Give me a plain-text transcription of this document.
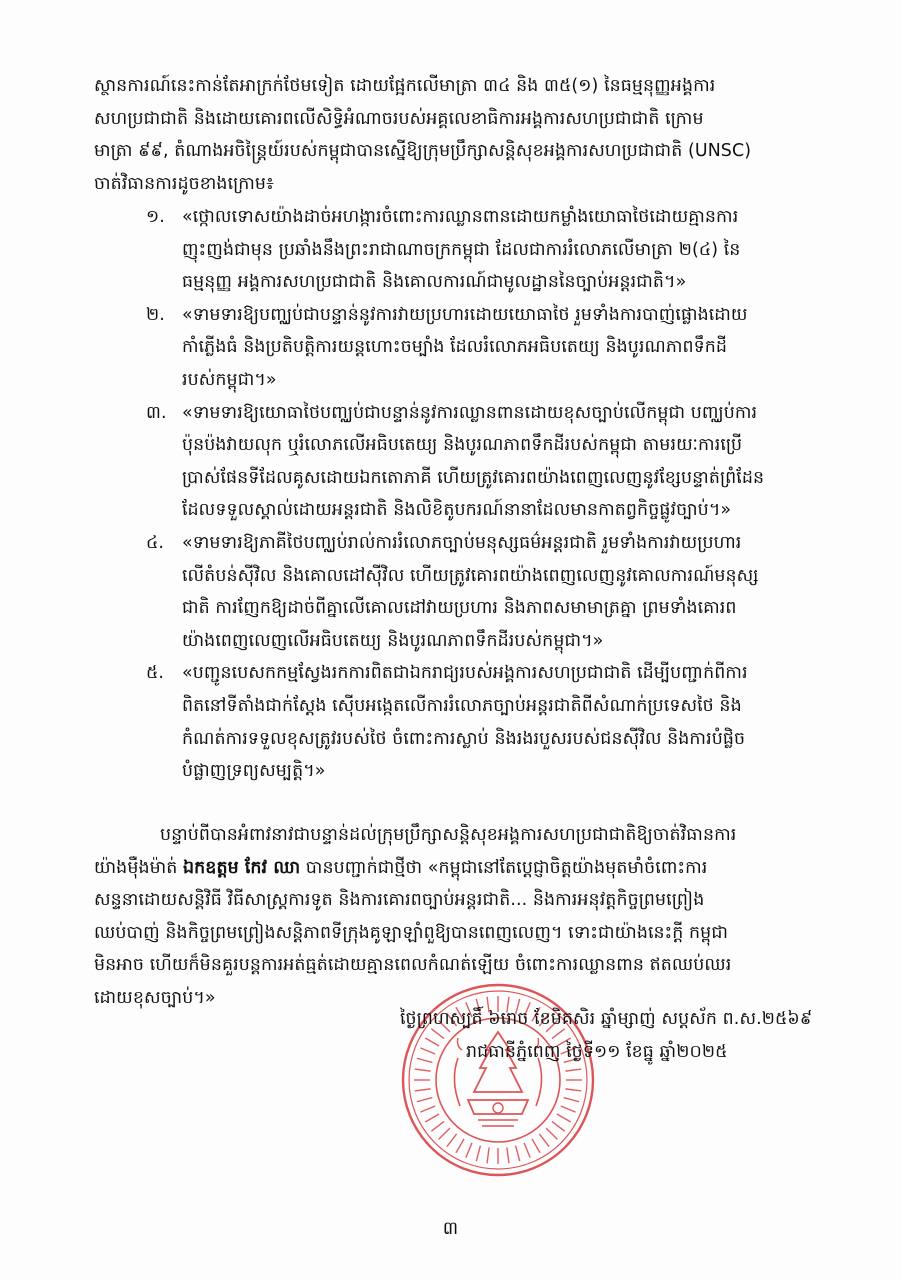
ស្ថានការណ៍នេះកាន់តែអាក្រក់ថែមទៀត ដោយផ្អែកលើមាត្រា ៣៤ និង ៣៥(១) នៃធម្មនុញ្ញអង្គការ
សហប្រជាជាតិ និងដោយគោរពលើសិទ្ធិអំណាចរបស់អគ្គលេខាធិការអង្គការសហប្រជាជាតិ ក្រោម
មាត្រា ៩៩, តំណាងអចិន្ត្រៃយ៍របស់កម្ពុជាបានស្នើឱ្យក្រុមប្រឹក្សាសន្តិសុខអង្គការសហប្រជាជាតិ (UNSC)
ចាត់វិធានការដូចខាងក្រោម៖
១. «ថ្កោលទោសយ៉ាងដាច់អហង្ការចំពោះការឈ្លានពានដោយកម្លាំងយោធាថៃដោយគ្មានការ
ញុះញង់ជាមុន ប្រឆាំងនឹងព្រះរាជាណាចក្រកម្ពុជា ដែលជាការរំលោភលើមាត្រា ២(៤) នៃ
ធម្មនុញ្ញ អង្គការសហប្រជាជាតិ និងគោលការណ៍ជាមូលដ្ឋាននៃច្បាប់អន្តរជាតិ។»
២. «ទាមទារឱ្យបញ្ឈប់ជាបន្ទាន់នូវការវាយប្រហារដោយយោធាថៃ រួមទាំងការបាញ់ផ្លោងដោយ
កាំភ្លើងធំ និងប្រតិបត្តិការយន្តហោះចម្បាំង ដែលរំលោភអធិបតេយ្យ និងបូរណភាពទឹកដី
របស់កម្ពុជា។»
៣. «ទាមទារឱ្យយោធាថៃបញ្ឈប់ជាបន្ទាន់នូវការឈ្លានពានដោយខុសច្បាប់លើកម្ពុជា បញ្ឈប់ការ
ប៉ុនប៉ងវាយលុក ឬរំលោភលើអធិបតេយ្យ និងបូរណភាពទឹកដីរបស់កម្ពុជា តាមរយៈការប្រើ
ប្រាស់ផែនទីដែលគូសដោយឯកតោភាគី ហើយត្រូវគោរពយ៉ាងពេញលេញនូវខ្សែបន្ទាត់ព្រំដែន
ដែលទទួលស្គាល់ដោយអន្តរជាតិ និងលិខិតូបករណ៍នានាដែលមានកាតព្វកិច្ចផ្លូវច្បាប់។»
៤.	«ទាមទារឱ្យភាគីថៃបញ្ឈប់រាល់ការរំលោភច្បាប់មនុស្សធម៌អន្តរជាតិ រួមទាំងការវាយប្រហារ
លើតំបន់ស៊ីវិល និងគោលដៅស៊ីវិល ហើយត្រូវគោរពយ៉ាងពេញលេញនូវគោលការណ៍មនុស្ស
ជាតិ ការញែកឱ្យដាច់ពីគ្នាលើគោលដៅវាយប្រហារ និងភាពសមាមាត្រគ្នា ព្រមទាំងគោរព
យ៉ាងពេញលេញលើអធិបតេយ្យ និងបូរណភាពទឹកដីរបស់កម្ពុជា។»
៥.	«បញ្ជូនបេសកកម្មស្វែងរកការពិតជាឯករាជ្យរបស់អង្គការសហប្រជាជាតិ ដើម្បីបញ្ជាក់ពីការ
ពិតនៅទីតាំងជាក់ស្តែង ស៊ើបអង្កេតលើការរំលោភច្បាប់អន្តរជាតិពីសំណាក់ប្រទេសថៃ និង
កំណត់ការទទួលខុសត្រូវរបស់ថៃ ចំពោះការស្លាប់ និងរងរបួសរបស់ជនស៊ីវិល និងការបំផ្លិច
បំផ្លាញទ្រព្យសម្បត្តិ។»
បន្ទាប់ពីបានអំពាវនាវជាបន្ទាន់ដល់ក្រុមប្រឹក្សាសន្តិសុខអង្គការសហប្រជាជាតិឱ្យចាត់វិធានការ
យ៉ាងម៉ឺងម៉ាត់ ឯកឧត្តម កែវ ឈា បានបញ្ជាក់ជាថ្មីថា «កម្ពុជានៅតែប្តេជ្ញាចិត្តយ៉ាងមុតមាំចំពោះការ
សន្ទនាដោយសន្តិវិធី វិធីសាស្ត្រការទូត និងការគោរពច្បាប់អន្តរជាតិ... និងការអនុវត្តកិច្ចព្រមព្រៀង
ឈប់បាញ់ និងកិច្ចព្រមព្រៀងសន្តិភាពទីក្រុងគូឡាឡាំពួឱ្យបានពេញលេញ។ ទោះជាយ៉ាងនេះក្តី កម្ពុជា
មិនអាច ហើយក៏មិនគួរបន្តការអត់ធ្មត់ដោយគ្មានពេលកំណត់ឡើយ ចំពោះការឈ្លានពាន ឥតឈប់ឈរ
ដោយខុសច្បាប់។»
ថ្ងៃព្រហស្បតិ៍ ៦រោច ខែមិគសិរ ឆ្នាំម្សាញ់ សប្តស័ក ព.ស.២៥៦៩
រាជធានីភ្នំពេញ ថ្ងៃទី១១ ខែធ្នូ ឆ្នាំ២០២៥
៣
